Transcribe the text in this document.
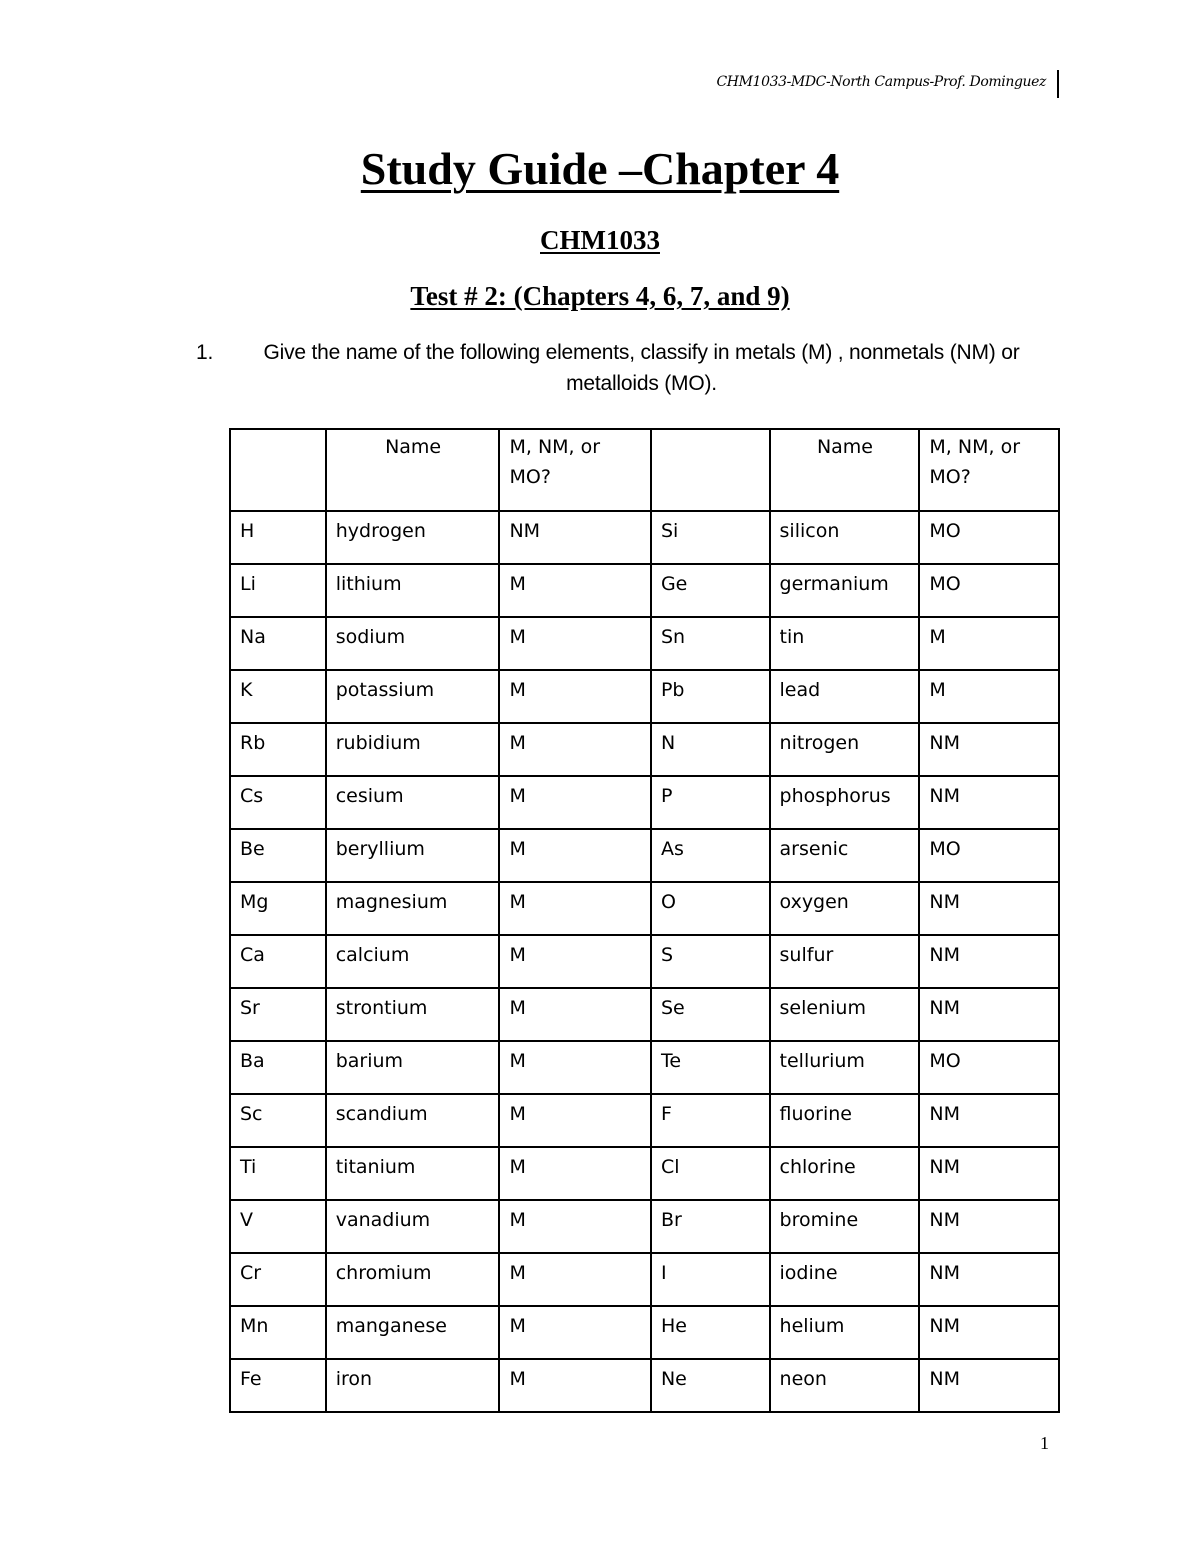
CHM1033-MDC-North Campus-Prof. Dominguez
Study Guide –Chapter 4
CHM1033
Test # 2: (Chapters 4, 6, 7, and 9)
1.	Give the name of the following elements, classify in metals (M) , nonmetals (NM) or metalloids (MO).
	Name	M, NM, or MO?		Name	M, NM, or MO?
H	hydrogen	NM	Si	silicon	MO
Li	lithium	M	Ge	germanium	MO
Na	sodium	M	Sn	tin	M
K	potassium	M	Pb	lead	M
Rb	rubidium	M	N	nitrogen	NM
Cs	cesium	M	P	phosphorus	NM
Be	beryllium	M	As	arsenic	MO
Mg	magnesium	M	O	oxygen	NM
Ca	calcium	M	S	sulfur	NM
Sr	strontium	M	Se	selenium	NM
Ba	barium	M	Te	tellurium	MO
Sc	scandium	M	F	fluorine	NM
Ti	titanium	M	Cl	chlorine	NM
V	vanadium	M	Br	bromine	NM
Cr	chromium	M	I	iodine	NM
Mn	manganese	M	He	helium	NM
Fe	iron	M	Ne	neon	NM
1
